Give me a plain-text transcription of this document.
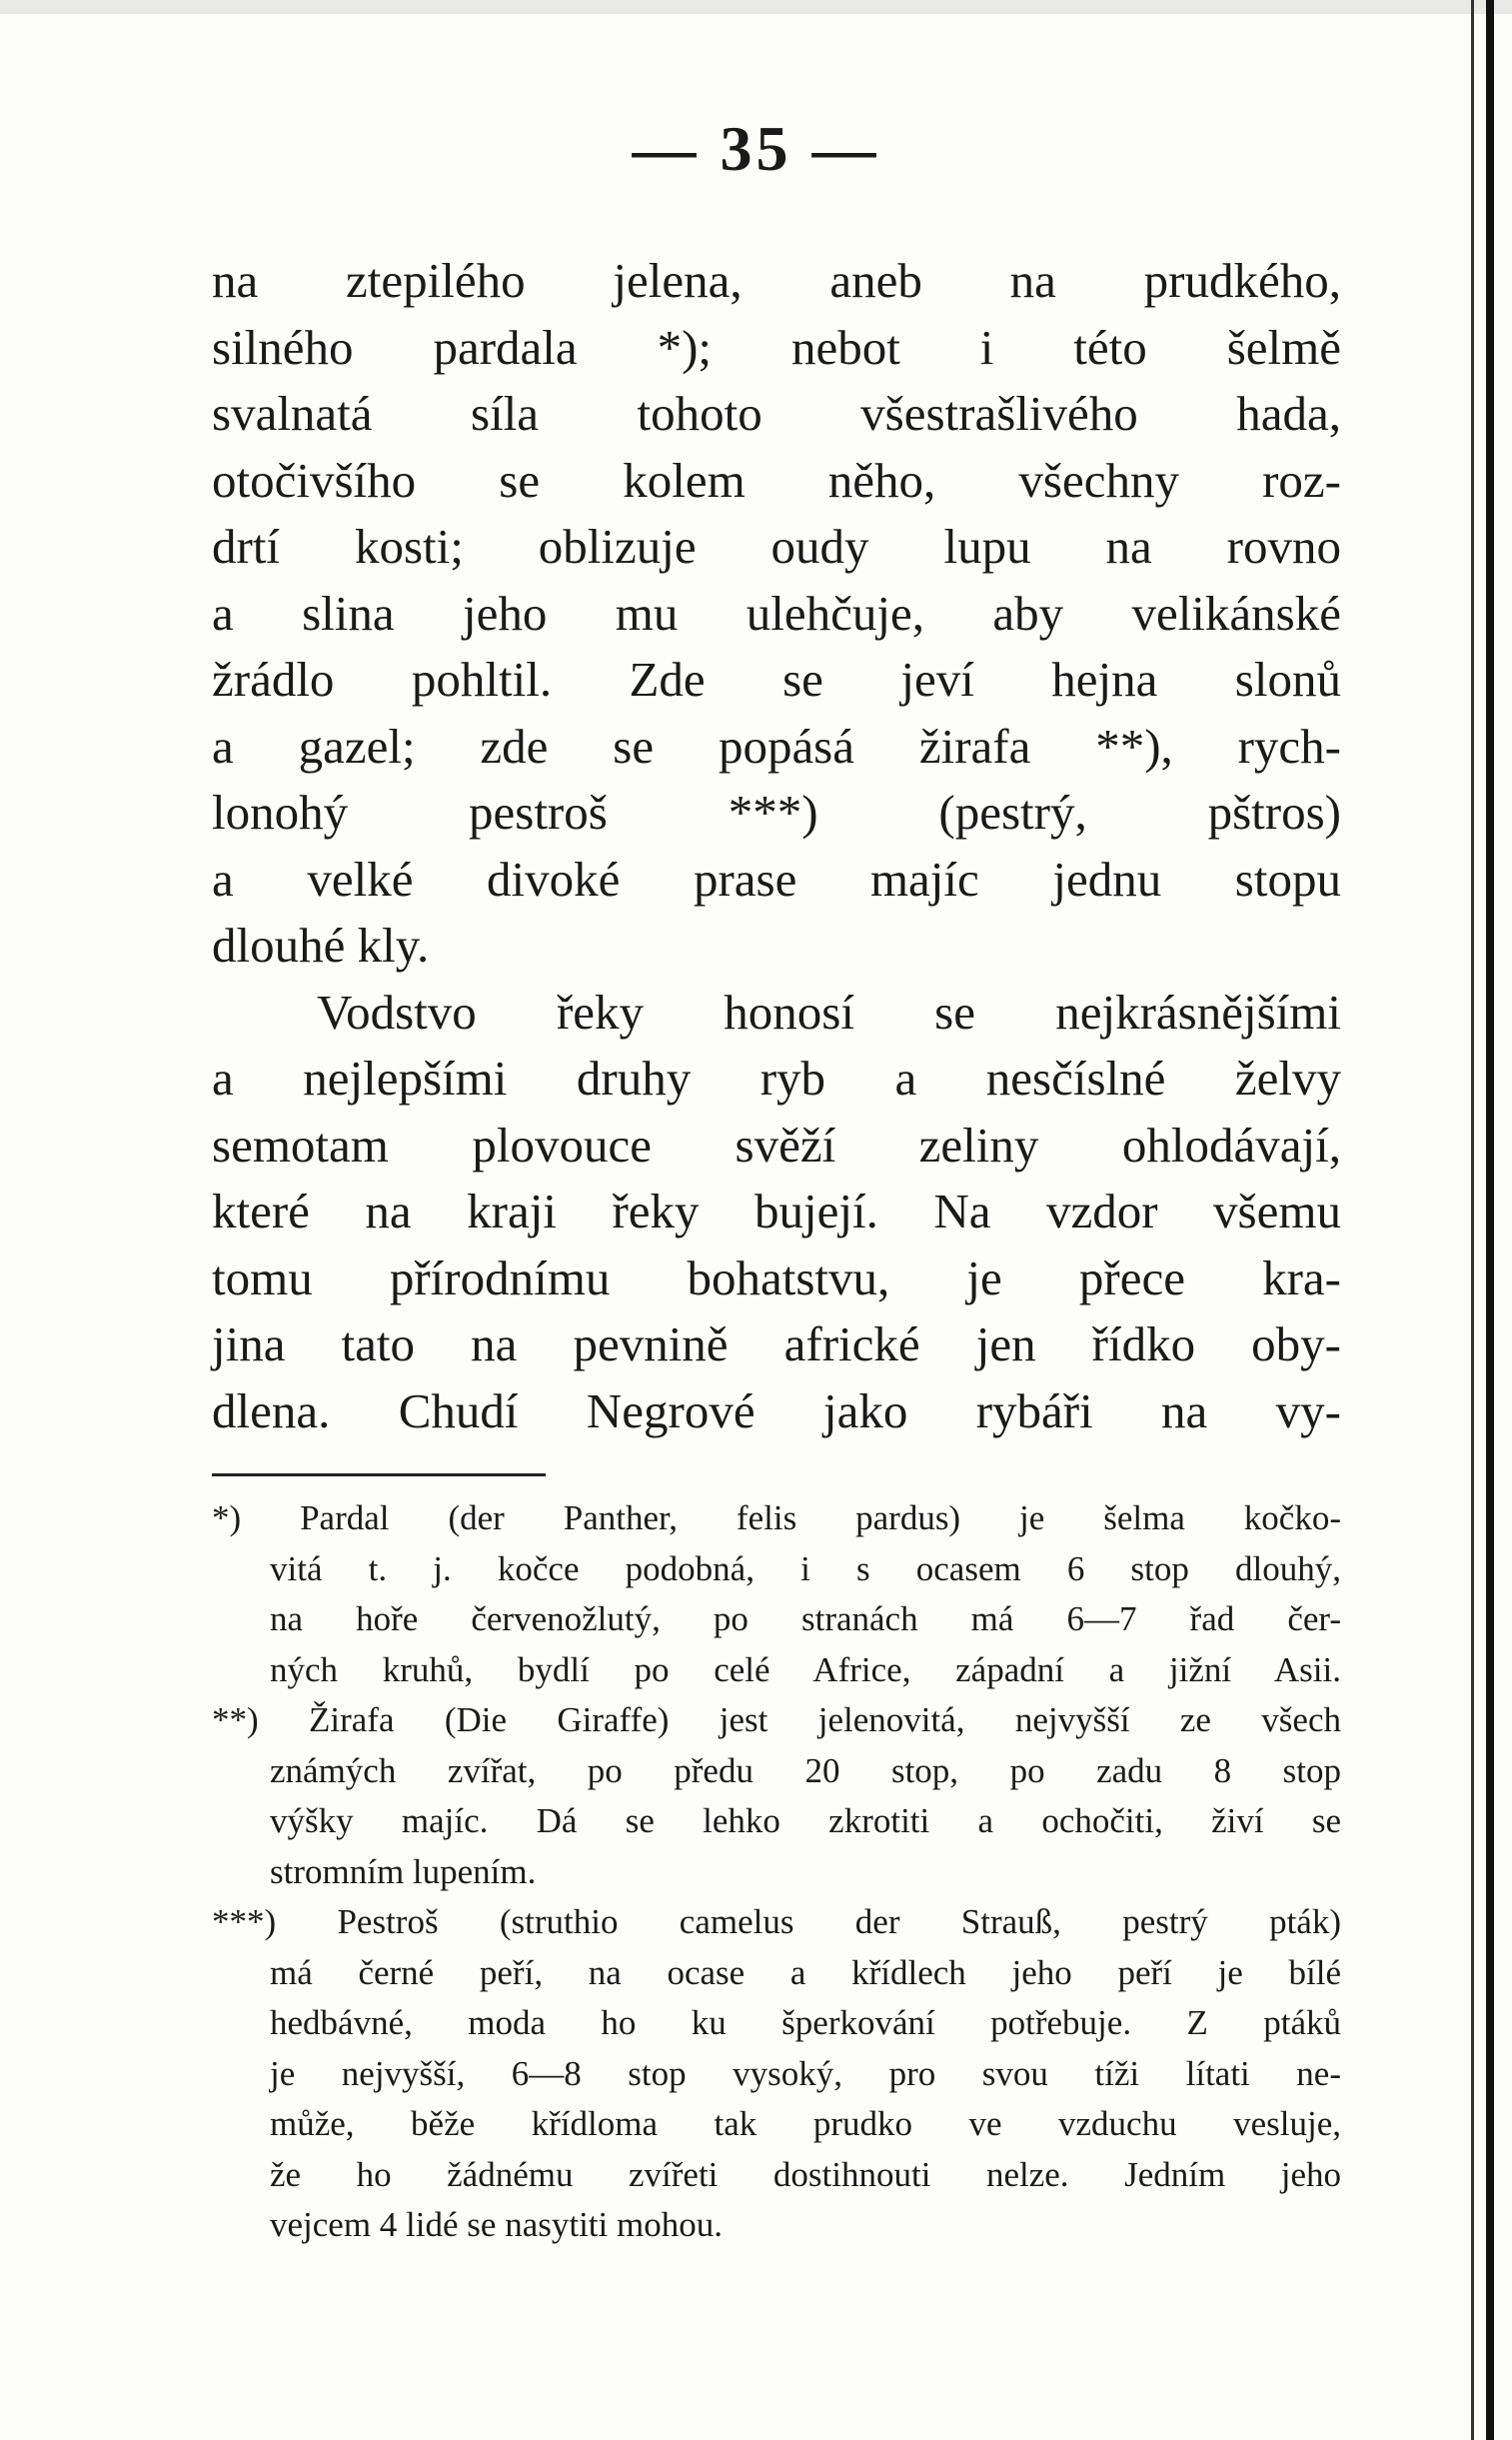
— 35 —
na ztepilého jelena, aneb na prudkého,
silného pardala *); nebot i této šelmě
svalnatá síla tohoto všestrašlivého hada,
otočivšího se kolem něho, všechny roz-
drtí kosti; oblizuje oudy lupu na rovno
a slina jeho mu ulehčuje, aby velikánské
žrádlo pohltil. Zde se jeví hejna slonů
a gazel; zde se popásá žirafa **), rych-
lonohý pestroš ***) (pestrý, pštros)
a velké divoké prase majíc jednu stopu
dlouhé kly.
Vodstvo řeky honosí se nejkrásnějšími
a nejlepšími druhy ryb a nesčíslné želvy
semotam plovouce svěží zeliny ohlodávají,
které na kraji řeky bujejí. Na vzdor všemu
tomu přírodnímu bohatstvu, je přece kra-
jina tato na pevnině africké jen řídko oby-
dlena. Chudí Negrové jako rybáři na vy-
*) Pardal (der Panther, felis pardus) je šelma kočko-
vitá t. j. kočce podobná, i s ocasem 6 stop dlouhý,
na hoře červenožlutý, po stranách má 6—7 řad čer-
ných kruhů, bydlí po celé Africe, západní a jižní Asii.
**) Žirafa (Die Giraffe) jest jelenovitá, nejvyšší ze všech
známých zvířat, po předu 20 stop, po zadu 8 stop
výšky majíc. Dá se lehko zkrotiti a ochočiti, živí se
stromním lupením.
***) Pestroš (struthio camelus der Strauß, pestrý pták)
má černé peří, na ocase a křídlech jeho peří je bílé
hedbávné, moda ho ku šperkování potřebuje. Z ptáků
je nejvyšší, 6—8 stop vysoký, pro svou tíži lítati ne-
může, běže křídloma tak prudko ve vzduchu vesluje,
že ho žádnému zvířeti dostihnouti nelze. Jedním jeho
vejcem 4 lidé se nasytiti mohou.
